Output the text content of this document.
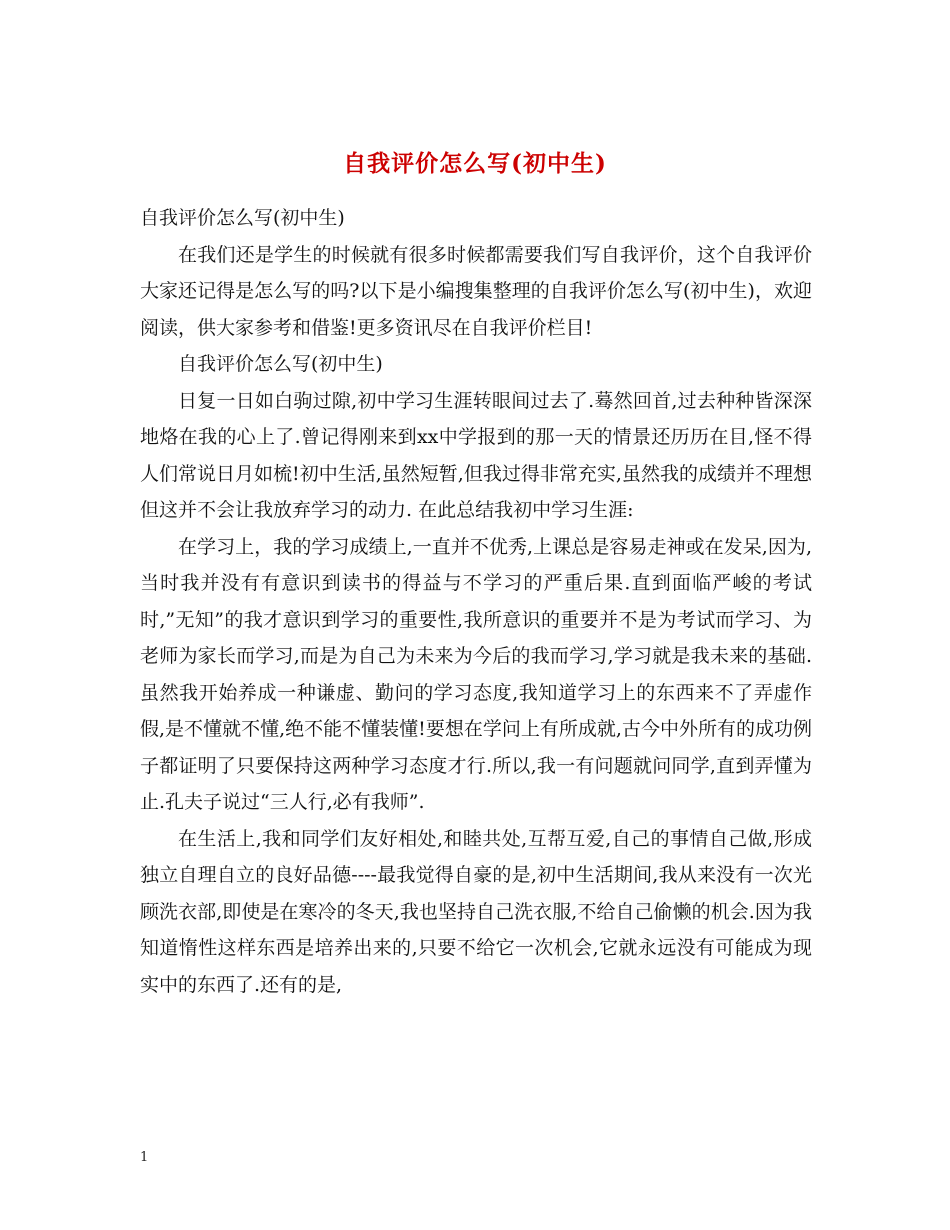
自我评价怎么写(初中生)

自我评价怎么写(初中生)

在我们还是学生的时候就有很多时候都需要我们写自我评价，这个自我评价大家还记得是怎么写的吗?以下是小编搜集整理的自我评价怎么写(初中生)，欢迎阅读，供大家参考和借鉴!更多资讯尽在自我评价栏目!

自我评价怎么写(初中生)

日复一日如白驹过隙,初中学习生涯转眼间过去了.蓦然回首,过去种种皆深深地烙在我的心上了.曾记得刚来到xx中学报到的那一天的情景还历历在目,怪不得人们常说日月如梳!初中生活,虽然短暂,但我过得非常充实,虽然我的成绩并不理想但这并不会让我放弃学习的动力. 在此总结我初中学习生涯:

在学习上，我的学习成绩上,一直并不优秀,上课总是容易走神或在发呆,因为,当时我并没有有意识到读书的得益与不学习的严重后果.直到面临严峻的考试时,”无知”的我才意识到学习的重要性,我所意识的重要并不是为考试而学习、为老师为家长而学习,而是为自己为未来为今后的我而学习,学习就是我未来的基础.虽然我开始养成一种谦虚、勤问的学习态度,我知道学习上的东西来不了弄虚作假,是不懂就不懂,绝不能不懂装懂!要想在学问上有所成就,古今中外所有的成功例子都证明了只要保持这两种学习态度才行.所以,我一有问题就问同学,直到弄懂为止.孔夫子说过“三人行,必有我师”.

在生活上,我和同学们友好相处,和睦共处,互帮互爱,自己的事情自己做,形成独立自理自立的良好品德----最我觉得自豪的是,初中生活期间,我从来没有一次光顾洗衣部,即使是在寒冷的冬天,我也坚持自己洗衣服,不给自己偷懒的机会.因为我知道惰性这样东西是培养出来的,只要不给它一次机会,它就永远没有可能成为现实中的东西了.还有的是,

1
